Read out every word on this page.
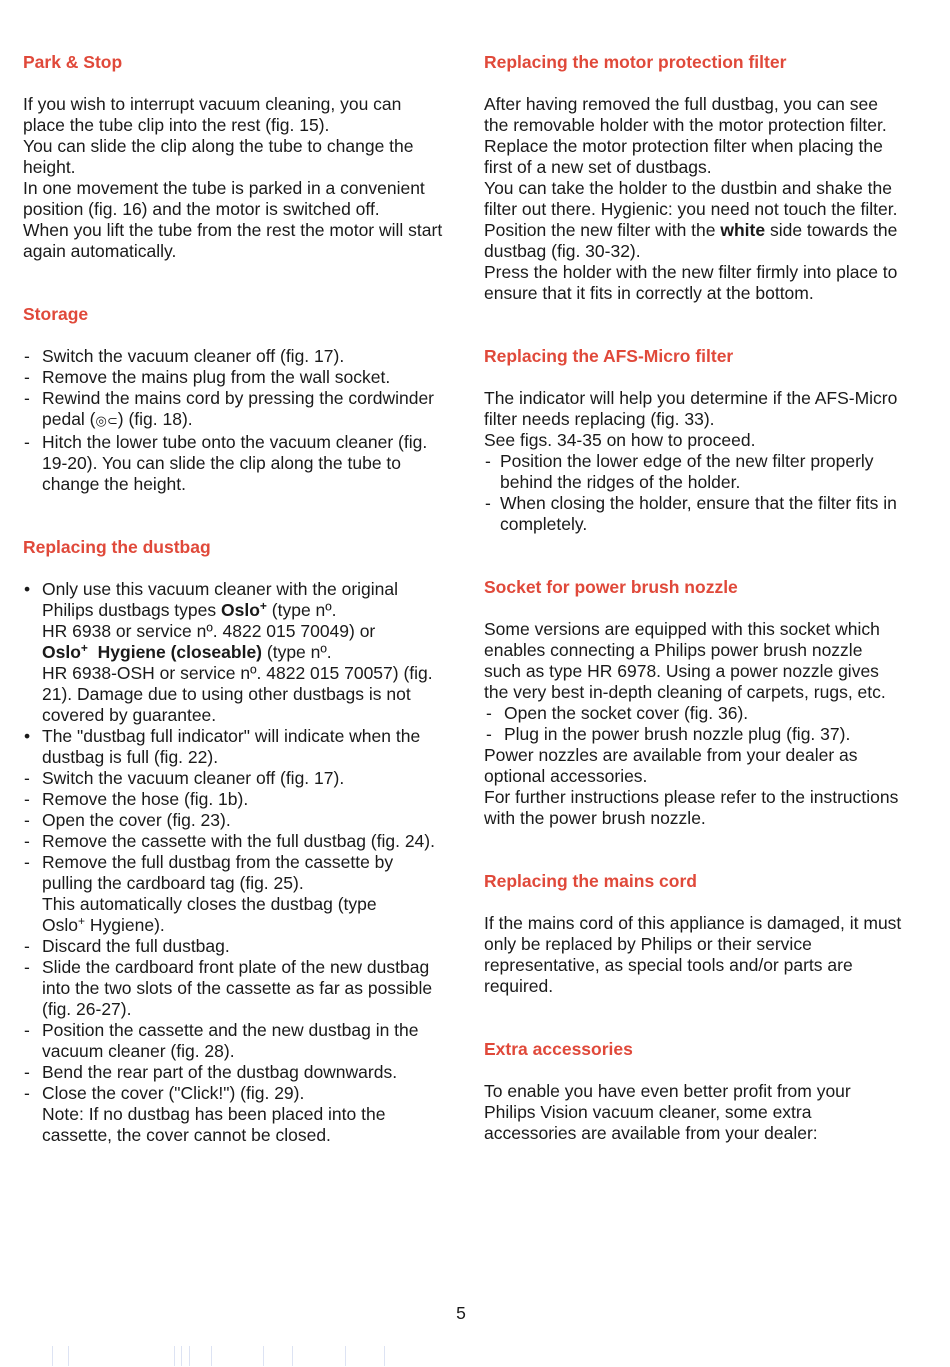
Park & Stop

If you wish to interrupt vacuum cleaning, you can place the tube clip into the rest (fig. 15).

You can slide the clip along the tube to change the height.

In one movement the tube is parked in a convenient position (fig. 16) and the motor is switched off.

When you lift the tube from the rest the motor will start again automatically.

Storage
- Switch the vacuum cleaner off (fig. 17).
- Remove the mains plug from the wall socket.
- Rewind the mains cord by pressing the cordwinder pedal (◎⊂) (fig. 18).
- Hitch the lower tube onto the vacuum cleaner (fig. 19-20). You can slide the clip along the tube to change the height.
Replacing the dustbag
• Only use this vacuum cleaner with the original Philips dustbags types Oslo+ (type nº.
HR 6938 or service nº. 4822 015 70049) or
Oslo+  Hygiene (closeable) (type nº.
HR 6938-OSH or service nº. 4822 015 70057) (fig. 21). Damage due to using other dustbags is not covered by guarantee.
• The "dustbag full indicator" will indicate when the dustbag is full (fig. 22).
- Switch the vacuum cleaner off (fig. 17).
- Remove the hose (fig. 1b).
- Open the cover (fig. 23).
- Remove the cassette with the full dustbag (fig. 24).
- Remove the full dustbag from the cassette by pulling the cardboard tag (fig. 25).
This automatically closes the dustbag (type
Oslo+ Hygiene).
- Discard the full dustbag.
- Slide the cardboard front plate of the new dustbag into the two slots of the cassette as far as possible (fig. 26-27).
- Position the cassette and the new dustbag in the vacuum cleaner (fig. 28).
- Bend the rear part of the dustbag downwards.
- Close the cover ("Click!") (fig. 29).
Note: If no dustbag has been placed into the cassette, the cover cannot be closed.
Replacing the motor protection filter

After having removed the full dustbag, you can see the removable holder with the motor protection filter.

Replace the motor protection filter when placing the first of a new set of dustbags.

You can take the holder to the dustbin and shake the filter out there. Hygienic: you need not touch the filter.

Position the new filter with the white side towards the dustbag (fig. 30-32).

Press the holder with the new filter firmly into place to ensure that it fits in correctly at the bottom.

Replacing the AFS-Micro filter

The indicator will help you determine if the AFS-Micro filter needs replacing (fig. 33).

See figs. 34-35 on how to proceed.

- Position the lower edge of the new filter properly behind the ridges of the holder.
- When closing the holder, ensure that the filter fits in completely.
Socket for power brush nozzle

Some versions are equipped with this socket which enables connecting a Philips power brush nozzle such as type HR 6978. Using a power nozzle gives the very best in-depth cleaning of carpets, rugs, etc.

- Open the socket cover (fig. 36).
- Plug in the power brush nozzle plug (fig. 37).

Power nozzles are available from your dealer as optional accessories.

For further instructions please refer to the instructions with the power brush nozzle.

Replacing the mains cord

If the mains cord of this appliance is damaged, it must only be replaced by Philips or their service representative, as special tools and/or parts are required.

Extra accessories

To enable you have even better profit from your Philips Vision vacuum cleaner, some extra accessories are available from your dealer:

5
